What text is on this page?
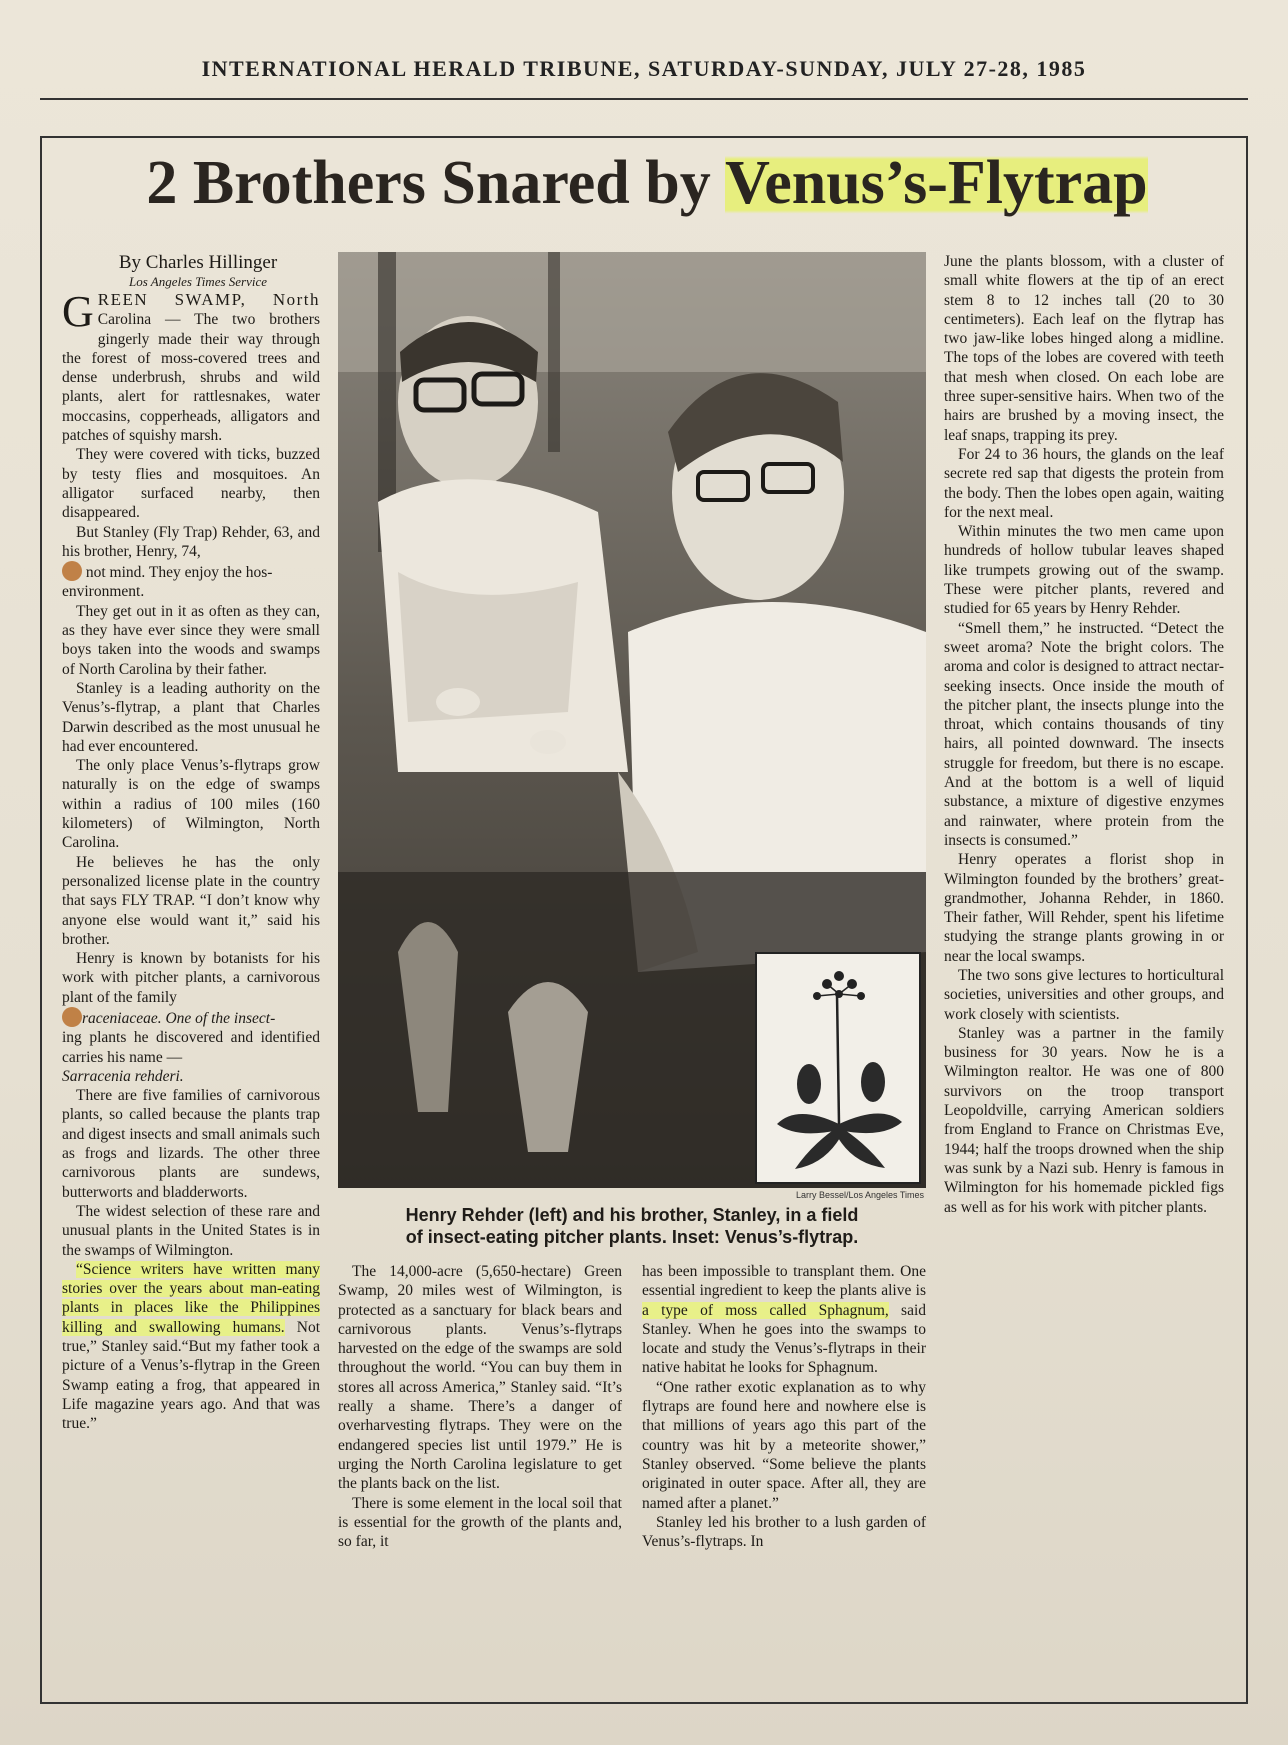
INTERNATIONAL HERALD TRIBUNE, SATURDAY-SUNDAY, JULY 27-28, 1985
2 Brothers Snared by Venus’s-Flytrap

By Charles Hillinger

Los Angeles Times Service

GREEN SWAMP, North Carolina — The two brothers gingerly made their way through the forest of moss-covered trees and dense underbrush, shrubs and wild plants, alert for rattlesnakes, water moccasins, copperheads, alligators and patches of squishy marsh.

They were covered with ticks, buzzed by testy flies and mosquitoes. An alligator surfaced nearby, then disappeared.

But Stanley (Fly Trap) Rehder, 63, and his brother, Henry, 74,
not mind. They enjoy the hos-
environment.

They get out in it as often as they can, as they have ever since they were small boys taken into the woods and swamps of North Carolina by their father.

Stanley is a leading authority on the Venus’s-flytrap, a plant that Charles Darwin described as the most unusual he had ever encountered.

The only place Venus’s-flytraps grow naturally is on the edge of swamps within a radius of 100 miles (160 kilometers) of Wilmington, North Carolina.

He believes he has the only personalized license plate in the country that says FLY TRAP. “I don’t know why anyone else would want it,” said his brother.

Henry is known by botanists for his work with pitcher plants, a carnivorous plant of the family
raceniaceae. One of the insect-
ing plants he discovered and identified carries his name —
Sarracenia rehderi.

There are five families of carnivorous plants, so called because the plants trap and digest insects and small animals such as frogs and lizards. The other three carnivorous plants are sundews, butterworts and bladderworts.

The widest selection of these rare and unusual plants in the United States is in the swamps of Wilmington.

“Science writers have written many stories over the years about man-eating plants in places like the Philippines killing and swallowing humans. Not true,” Stanley said.“But my father took a picture of a Venus’s-flytrap in the Green Swamp eating a frog, that appeared in Life magazine years ago. And that was true.”

Larry Bessel/Los Angeles Times
Henry Rehder (left) and his brother, Stanley, in a field
of insect-eating pitcher plants. Inset: Venus’s-flytrap.

The 14,000-acre (5,650-hectare) Green Swamp, 20 miles west of Wilmington, is protected as a sanctuary for black bears and carnivorous plants. Venus’s-flytraps harvested on the edge of the swamps are sold throughout the world. “You can buy them in stores all across America,” Stanley said. “It’s really a shame. There’s a danger of overharvesting flytraps. They were on the endangered species list until 1979.” He is urging the North Carolina legislature to get the plants back on the list.

There is some element in the local soil that is essential for the growth of the plants and, so far, it

has been impossible to transplant them. One essential ingredient to keep the plants alive is a type of moss called Sphagnum, said Stanley. When he goes into the swamps to locate and study the Venus’s-flytraps in their native habitat he looks for Sphagnum.

“One rather exotic explanation as to why flytraps are found here and nowhere else is that millions of years ago this part of the country was hit by a meteorite shower,” Stanley observed. “Some believe the plants originated in outer space. After all, they are named after a planet.”

Stanley led his brother to a lush garden of Venus’s-flytraps. In

June the plants blossom, with a cluster of small white flowers at the tip of an erect stem 8 to 12 inches tall (20 to 30 centimeters). Each leaf on the flytrap has two jaw-like lobes hinged along a midline. The tops of the lobes are covered with teeth that mesh when closed. On each lobe are three super-sensitive hairs. When two of the hairs are brushed by a moving insect, the leaf snaps, trapping its prey.

For 24 to 36 hours, the glands on the leaf secrete red sap that digests the protein from the body. Then the lobes open again, waiting for the next meal.

Within minutes the two men came upon hundreds of hollow tubular leaves shaped like trumpets growing out of the swamp. These were pitcher plants, revered and studied for 65 years by Henry Rehder.

“Smell them,” he instructed. “Detect the sweet aroma? Note the bright colors. The aroma and color is designed to attract nectar-seeking insects. Once inside the mouth of the pitcher plant, the insects plunge into the throat, which contains thousands of tiny hairs, all pointed downward. The insects struggle for freedom, but there is no escape. And at the bottom is a well of liquid substance, a mixture of digestive enzymes and rainwater, where protein from the insects is consumed.”

Henry operates a florist shop in Wilmington founded by the brothers’ great-grandmother, Johanna Rehder, in 1860. Their father, Will Rehder, spent his lifetime studying the strange plants growing in or near the local swamps.

The two sons give lectures to horticultural societies, universities and other groups, and work closely with scientists.

Stanley was a partner in the family business for 30 years. Now he is a Wilmington realtor. He was one of 800 survivors on the troop transport Leopoldville, carrying American soldiers from England to France on Christmas Eve, 1944; half the troops drowned when the ship was sunk by a Nazi sub. Henry is famous in Wilmington for his homemade pickled figs as well as for his work with pitcher plants.
